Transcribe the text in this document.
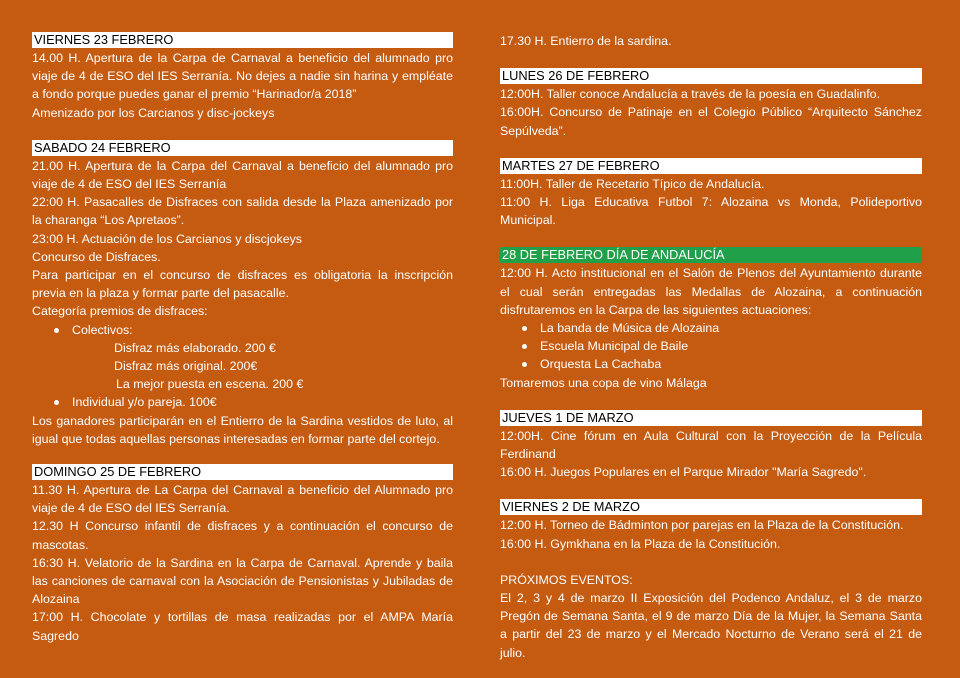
VIERNES 23 FEBRERO
14.00 H. Apertura de la Carpa de Carnaval a beneficio del alumnado pro viaje de 4 de ESO del IES Serranía. No dejes a nadie sin harina y empléate a fondo porque puedes ganar el premio “Harinador/a 2018”
Amenizado por los Carcianos y disc-jockeys
SABADO 24 FEBRERO
21.00 H. Apertura de la Carpa del Carnaval a beneficio del alumnado pro viaje de 4 de ESO del IES Serranía
22:00 H. Pasacalles de Disfraces con salida desde la Plaza amenizado por la charanga “Los Apretaos”.
23:00 H. Actuación de los Carcianos y discjokeys
Concurso de Disfraces.
Para participar en el concurso de disfraces es obligatoria la inscripción previa en la plaza y formar parte del pasacalle.
Categoría premios de disfraces:
Colectivos:
Disfraz más elaborado. 200 €
Disfraz más original. 200€
La mejor puesta en escena. 200 €
Individual y/o pareja. 100€
Los ganadores participarán en el Entierro de la Sardina vestidos de luto, al igual que todas aquellas personas interesadas en formar parte del cortejo.
DOMINGO 25 DE FEBRERO
11.30 H. Apertura de La Carpa del Carnaval a beneficio del Alumnado pro viaje de 4 de ESO del IES Serranía.
12.30 H Concurso infantil de disfraces y a continuación el concurso de mascotas.
16:30 H. Velatorio de la Sardina en la Carpa de Carnaval. Aprende y baila las canciones de carnaval con la Asociación de Pensionistas y Jubiladas de Alozaina
17:00 H. Chocolate y tortillas de masa realizadas por el AMPA María Sagredo
17.30 H. Entierro de la sardina.
LUNES 26 DE FEBRERO
12:00H. Taller conoce Andalucía a través de la poesía en Guadalinfo.
16:00H. Concurso de Patinaje en el Colegio Público “Arquitecto Sánchez Sepúlveda”.
MARTES 27 DE FEBRERO
11:00H. Taller de Recetario Típico de Andalucía.
11:00 H. Liga Educativa Futbol 7: Alozaina vs Monda, Polideportivo Municipal.
28 DE FEBRERO DÍA DE ANDALUCÍA
12:00 H. Acto institucional en el Salón de Plenos del Ayuntamiento durante el cual serán entregadas las Medallas de Alozaina, a continuación disfrutaremos en la Carpa de las siguientes actuaciones:
La banda de Música de Alozaina
Escuela Municipal de Baile
Orquesta La Cachaba
Tomaremos una copa de vino Málaga
JUEVES 1 DE MARZO
12:00H. Cine fórum en Aula Cultural con la Proyección de la Película Ferdinand
16:00 H. Juegos Populares en el Parque Mirador "María Sagredo".
VIERNES 2 DE MARZO
12:00 H. Torneo de Bádminton por parejas en la Plaza de la Constitución.
16:00 H. Gymkhana en la Plaza de la Constitución.
PRÓXIMOS EVENTOS:
El 2, 3 y 4 de marzo II Exposición del Podenco Andaluz, el 3 de marzo Pregón de Semana Santa, el 9 de marzo Día de la Mujer, la Semana Santa a partir del 23 de marzo y el Mercado Nocturno de Verano será el 21 de julio.
